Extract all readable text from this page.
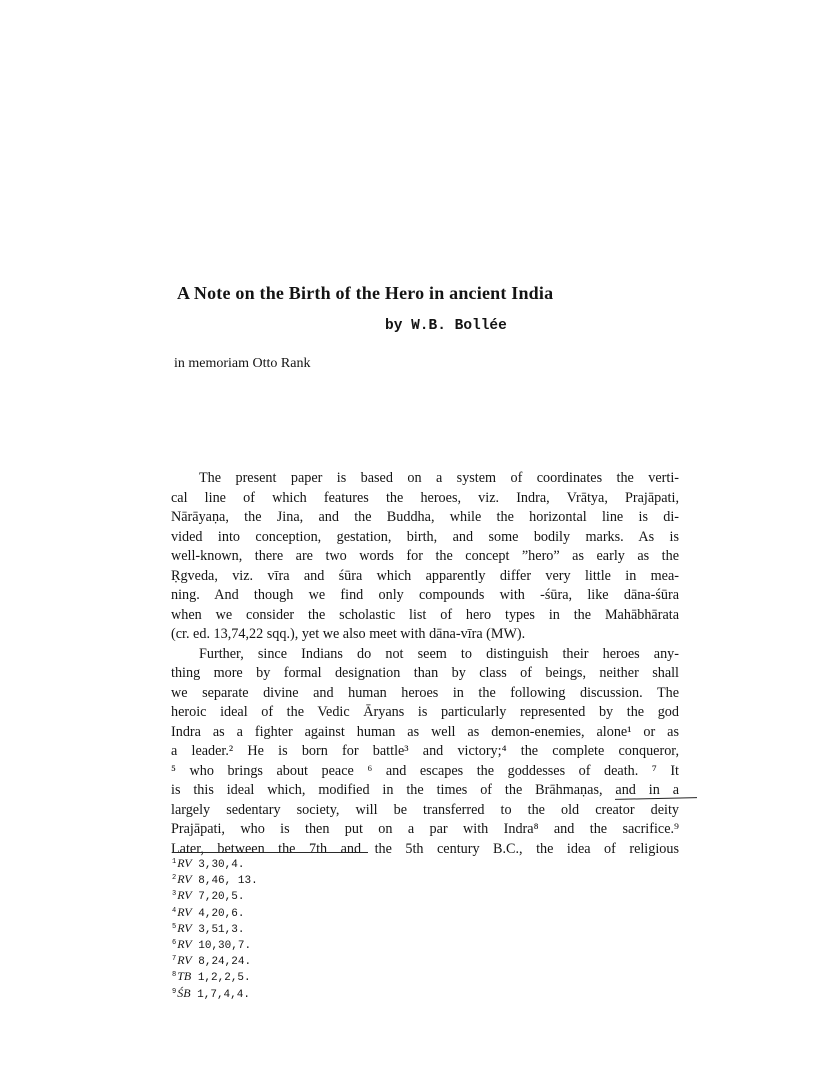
A Note on the Birth of the Hero in ancient India
by W.B. Bollée
in memoriam Otto Rank
The present paper is based on a system of coordinates the verti-
cal line of which features the heroes, viz. Indra, Vrātya, Prajāpati,
Nārāyaṇa, the Jina, and the Buddha, while the horizontal line is di-
vided into conception, gestation, birth, and some bodily marks. As is
well-known, there are two words for the concept ”hero” as early as the
Ṛgveda, viz. vīra and śūra which apparently differ very little in mea-
ning. And though we find only compounds with -śūra, like dāna-śūra
when we consider the scholastic list of hero types in the Mahābhārata
(cr. ed. 13,74,22 sqq.), yet we also meet with dāna-vīra (MW).
Further, since Indians do not seem to distinguish their heroes any-
thing more by formal designation than by class of beings, neither shall
we separate divine and human heroes in the following discussion. The
heroic ideal of the Vedic Āryans is particularly represented by the god
Indra as a fighter against human as well as demon-enemies, alone¹ or as
a leader.² He is born for battle³ and victory;⁴ the complete conqueror,
⁵ who brings about peace ⁶ and escapes the goddesses of death. ⁷ It
is this ideal which, modified in the times of the Brāhmaṇas, and in a
largely sedentary society, will be transferred to the old creator deity
Prajāpati, who is then put on a par with Indra⁸ and the sacrifice.⁹
Later, between the 7th and the 5th century B.C., the idea of religious
$^1$RV 3,30,4.
$^2$RV 8,46, 13.
$^3$RV 7,20,5.
$^4$RV 4,20,6.
$^5$RV 3,51,3.
$^6$RV 10,30,7.
$^7$RV 8,24,24.
$^8$TB 1,2,2,5.
$^9$ŚB 1,7,4,4.
